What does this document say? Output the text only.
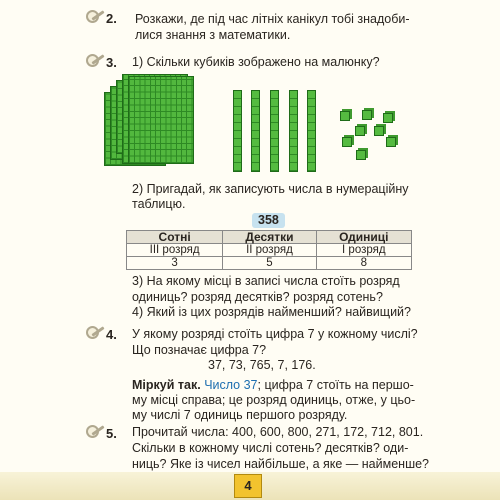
2. Розкажи, де під час літніх канікул тобі знадоби-
лися знання з математики.
3. 1) Скільки кубиків зображено на малюнку?
2) Пригадай, як записують числа в нумераційну
таблицю.
358
Сотні	Десятки	Одиниці
ІІІ розряд	ІІ розряд	І розряд
3	5	8
3) На якому місці в записі числа стоїть розряд
одиниць? розряд десятків? розряд сотень?
4) Який із цих розрядів найменший? найвищий?
4. У якому розряді стоїть цифра 7 у кожному числі?
Що позначає цифра 7?
37, 73, 765, 7, 176.
Міркуй так. Число 37; цифра 7 стоїть на першо-
му місці справа; це розряд одиниць, отже, у цьо-
му числі 7 одиниць першого розряду.
5. Прочитай числа: 400, 600, 800, 271, 172, 712, 801.
Скільки в кожному числі сотень? десятків? оди-
ниць? Яке із чисел найбільше, а яке — найменше?
4
